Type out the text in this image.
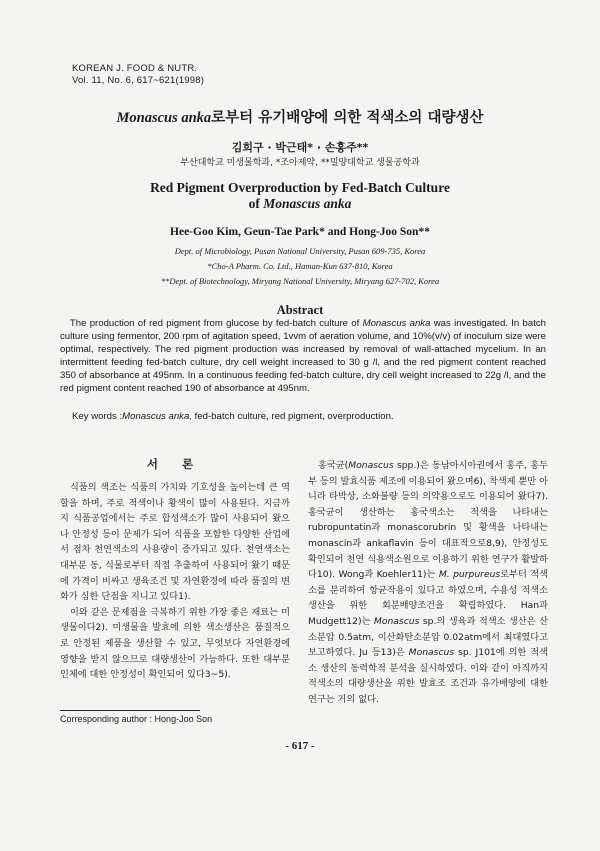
KOREAN J. FOOD & NUTR.
Vol. 11, No. 6, 617~621(1998)
Monascus anka로부터 유기배양에 의한 적색소의 대량생산
김희구 · 박근태* · 손홍주**
부산대학교 미생물학과, *조아제약, **밀양대학교 생물공학과
Red Pigment Overproduction by Fed-Batch Culture
of Monascus anka
Hee-Goo Kim, Geun-Tae Park* and Hong-Joo Son**
Dept. of Microbiology, Pusan National University, Pusan 609-735, Korea
*Cho-A Pharm. Co. Ltd., Haman-Kun 637-810, Korea
**Dept. of Biotechnology, Miryang National University, Miryang 627-702, Korea
Abstract
The production of red pigment from glucose by fed-batch culture of Monascus anka was investigated. In batch culture using fermentor, 200 rpm of agitation speed, 1vvm of aeration volume, and 10%(v/v) of inoculum size were optimal, respectively. The red pigment production was increased by removal of wall-attached mycelium. In an intermittent feeding fed-batch culture, dry cell weight increased to 30 g /l, and the red pigment content reached 350 of absorbance at 495nm. In a continuous feeding fed-batch culture, dry cell weight increased to 22g /l, and the red pigment content reached 190 of absorbance at 495nm.
Key words :Monascus anka, fed-batch culture, red pigment, overproduction.
서 론

식품의 색조는 식품의 가치와 기호성을 높이는데 큰 역할을 하며, 주로 적색이나 황색이 많이 사용된다. 지금까지 식품공업에서는 주로 합성색소가 많이 사용되어 왔으나 안정성 등이 문제가 되어 식품을 포함한 다양한 산업에서 점차 천연색소의 사용량이 증가되고 있다. 천연색소는 대부분 동, 식물로부터 직접 추출하여 사용되어 왔기 때문에 가격이 비싸고 생육조건 및 자연환경에 따라 품질의 변화가 심한 단점을 지니고 있다1).

이와 같은 문제점을 극복하기 위한 가장 좋은 재료는 미생물이다2). 미생물을 발효에 의한 색소생산은 품질적으로 안정된 제품을 생산할 수 있고, 무엇보다 자연환경에 영향을 받지 않으므로 대량생산이 가능하다. 또한 대부분 인체에 대한 안정성이 확인되어 있다3~5).

홍국균(Monascus spp.)은 동남아시아권에서 홍주, 홍두부 등의 발효식품 제조에 이용되어 왔으며6), 착색제 뿐만 아니라 타박상, 소화불량 등의 의약용으로도 이용되어 왔다7). 홍국균이 생산하는 홍국색소는 적색을 나타내는 rubropuntatin과 monascorubrin 및 황색을 나타내는 monascin과 ankaflavin 등이 대표적으로8,9), 안정성도 확인되어 천연 식용색소원으로 이용하기 위한 연구가 활발하다10). Wong과 Koehler11)는 M. purpureus로부터 적색소를 분리하여 항균작용이 있다고 하였으며, 수용성 적색소 생산을 위한 회분배양조건을 확립하였다. Han과 Mudgett12)는 Monascus sp.의 생육과 적색소 생산은 산소분압 0.5atm, 이산화탄소분압 0.02atm에서 최대였다고 보고하였다. Ju 등13)은 Monascus sp. J101에 의한 적색소 생산의 동력학적 분석을 실시하였다. 이와 같이 아직까지 적색소의 대량생산을 위한 발효조 조건과 유가배양에 대한 연구는 거의 없다.

Corresponding author : Hong-Joo Son
- 617 -
